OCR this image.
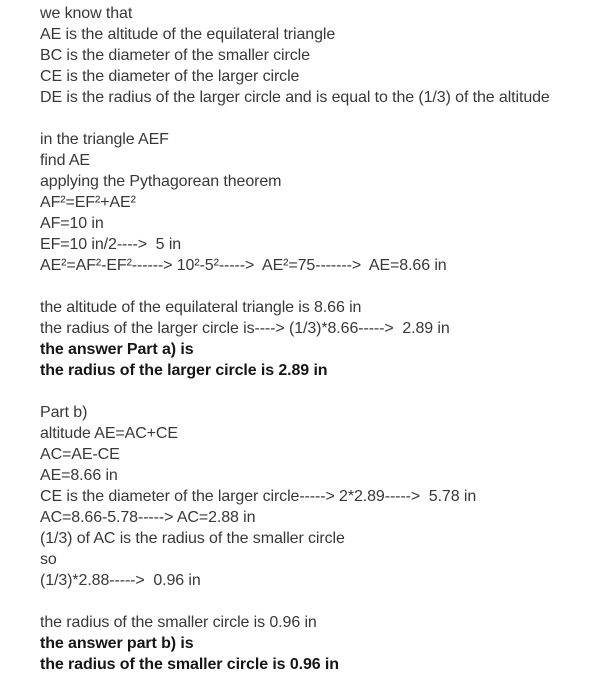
we know that
AE is the altitude of the equilateral triangle
BC is the diameter of the smaller circle
CE is the diameter of the larger circle
DE is the radius of the larger circle and is equal to the (1/3) of the altitude
in the triangle AEF
find AE
applying the Pythagorean theorem
AF²=EF²+AE²
AF=10 in
EF=10 in/2---->  5 in
AE²=AF²-EF²------> 10²-5²----->  AE²=75------->  AE=8.66 in
the altitude of the equilateral triangle is 8.66 in
the radius of the larger circle is----> (1/3)*8.66----->  2.89 in
the answer Part a) is
the radius of the larger circle is 2.89 in
Part b)
altitude AE=AC+CE
AC=AE-CE
AE=8.66 in
CE is the diameter of the larger circle-----> 2*2.89----->  5.78 in
AC=8.66-5.78-----> AC=2.88 in
(1/3) of AC is the radius of the smaller circle
so
(1/3)*2.88----->  0.96 in
the radius of the smaller circle is 0.96 in
the answer part b) is
the radius of the smaller circle is 0.96 in
